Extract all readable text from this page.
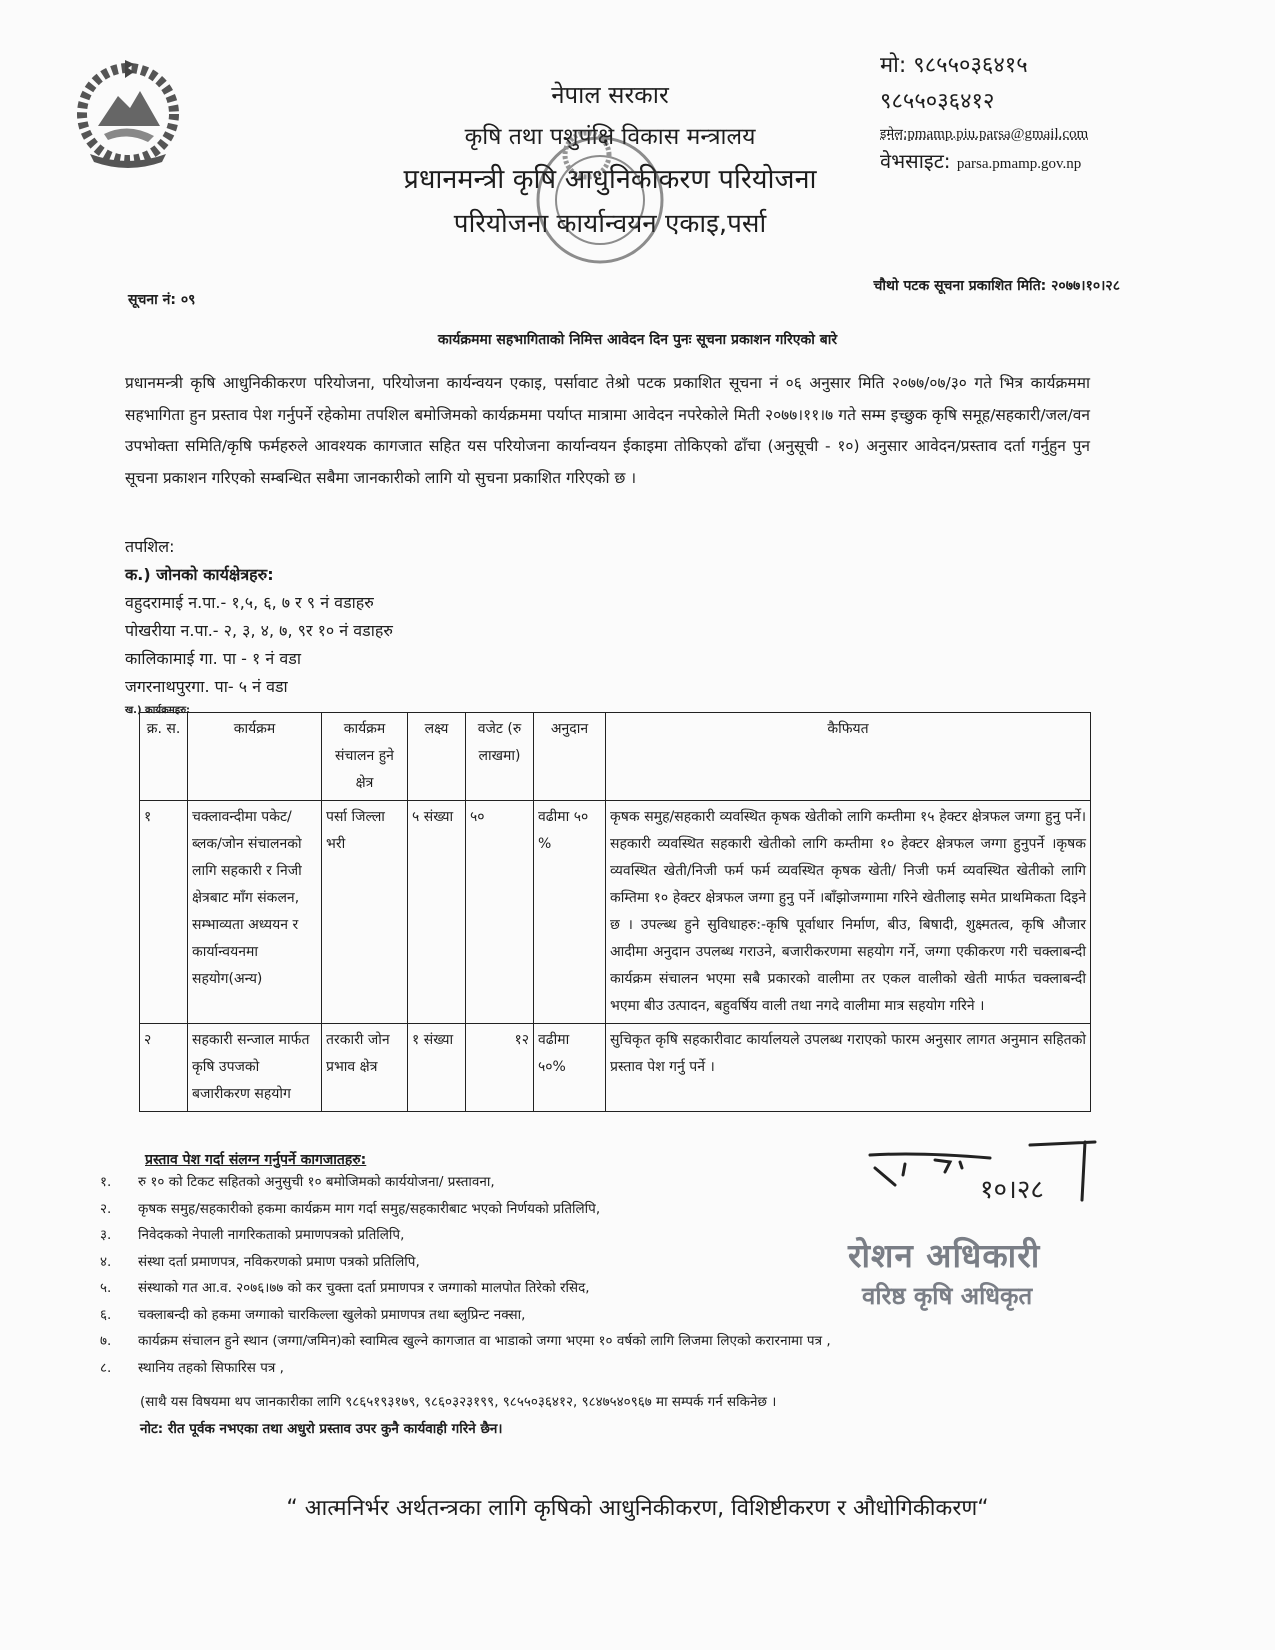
नेपाल सरकार
कृषि तथा पशुपंक्षि विकास मन्त्रालय
प्रधानमन्त्री कृषि आधुनिकीकरण परियोजना
परियोजना कार्यान्वयन एकाइ,पर्सा
मो: ९८५५०३६४१५
९८५५०३६४१२
इमेल:pmamp.piu.parsa@gmail.com
वेभसाइट: parsa.pmamp.gov.np
सूचना नं: ०९
चौथो पटक सूचना प्रकाशित मिति: २०७७।१०।२८
कार्यक्रममा सहभागिताको निमित्त आवेदन दिन पुनः सूचना प्रकाशन गरिएको बारे
प्रधानमन्त्री कृषि आधुनिकीकरण परियोजना, परियोजना कार्यन्वयन एकाइ, पर्सावाट तेश्रो पटक प्रकाशित सूचना नं ०६ अनुसार मिति २०७७/०७/३० गते भित्र कार्यक्रममा सहभागिता हुन प्रस्ताव पेश गर्नुपर्ने रहेकोमा तपशिल बमोजिमको कार्यक्रममा पर्याप्त मात्रामा आवेदन नपरेकोले मिती २०७७।११।७ गते सम्म इच्छुक कृषि समूह/सहकारी/जल/वन उपभोक्ता समिति/कृषि फर्महरुले आवश्यक कागजात सहित यस परियोजना कार्यान्वयन ईकाइमा तोकिएको ढाँचा (अनुसूची - १०) अनुसार आवेदन/प्रस्ताव दर्ता गर्नुहुन पुन सूचना प्रकाशन गरिएको सम्बन्धित सबैमा जानकारीको लागि यो सुचना प्रकाशित गरिएको छ ।
तपशिल:
क.) जोनको कार्यक्षेत्रहरु:
वहुदरामाई न.पा.- १,५, ६, ७ र ९ नं वडाहरु
पोखरीया न.पा.- २, ३, ४, ७, ९र १० नं वडाहरु
कालिकामाई गा. पा - १ नं वडा
जगरनाथपुरगा. पा- ५ नं वडा
ख.) कार्यक्रमहरु:
क्र. स.	कार्यक्रम	कार्यक्रम संचालन हुने क्षेत्र	लक्ष्य	वजेट (रु लाखमा)	अनुदान	कैफियत
१	चक्लावन्दीमा पकेट/ब्लक/जोन संचालनको लागि सहकारी र निजी क्षेत्रबाट माँग संकलन, सम्भाव्यता अध्ययन र कार्यान्वयनमा सहयोग(अन्य)	पर्सा जिल्ला भरी	५ संख्या	५०	वढीमा ५० %	कृषक समुह/सहकारी व्यवस्थित कृषक खेतीको लागि कम्तीमा १५ हेक्टर क्षेत्रफल जग्गा हुनु पर्ने। सहकारी व्यवस्थित सहकारी खेतीको लागि कम्तीमा १० हेक्टर क्षेत्रफल जग्गा हुनुपर्ने ।कृषक व्यवस्थित खेती/निजी फर्म फर्म व्यवस्थित कृषक खेती/ निजी फर्म व्यवस्थित खेतीको लागि कम्तिमा १० हेक्टर क्षेत्रफल जग्गा हुनु पर्ने ।बाँझोजग्गामा गरिने खेतीलाइ समेत प्राथमिकता दिइने छ । उपल्ब्ध हुने सुविधाहरु:-कृषि पूर्वाधार निर्माण, बीउ, बिषादी, शुक्ष्मतत्व, कृषि औजार आदीमा अनुदान उपलब्ध गराउने, बजारीकरणमा सहयोग गर्ने, जग्गा एकीकरण गरी चक्लाबन्दी कार्यक्रम संचालन भएमा सबै प्रकारको वालीमा तर एकल वालीको खेती मार्फत चक्लाबन्दी भएमा बीउ उत्पादन, बहुवर्षिय वाली तथा नगदे वालीमा मात्र सहयोग गरिने ।
२	सहकारी सन्जाल मार्फत कृषि उपजको बजारीकरण सहयोग	तरकारी जोन प्रभाव क्षेत्र	१ संख्या	१२	वढीमा ५०%	सुचिकृत कृषि सहकारीवाट कार्यालयले उपलब्ध गराएको फारम अनुसार लागत अनुमान सहितको प्रस्ताव पेश गर्नु पर्ने ।
प्रस्ताव पेश गर्दा संलग्न गर्नुपर्ने कागजातहरु:
१.	रु १० को टिकट सहितको अनुसुची १० बमोजिमको कार्ययोजना/ प्रस्तावना,
२.	कृषक समुह/सहकारीको हकमा कार्यक्रम माग गर्दा समुह/सहकारीबाट भएको निर्णयको प्रतिलिपि,
३.	निवेदकको नेपाली नागरिकताको प्रमाणपत्रको प्रतिलिपि,
४.	संस्था दर्ता प्रमाणपत्र, नविकरणको प्रमाण पत्रको प्रतिलिपि,
५.	संस्थाको गत आ.व. २०७६।७७ को कर चुक्ता दर्ता प्रमाणपत्र र जग्गाको मालपोत तिरेको रसिद,
६.	चक्लाबन्दी को हकमा जग्गाको चारकिल्ला खुलेको प्रमाणपत्र तथा ब्लुप्रिन्ट नक्सा,
७.	कार्यक्रम संचालन हुने स्थान (जग्गा/जमिन)को स्वामित्व खुल्ने कागजात वा भाडाको जग्गा भएमा १० वर्षको लागि लिजमा लिएको करारनामा पत्र ,
८.	स्थानिय तहको सिफारिस पत्र ,
(साथै यस विषयमा थप जानकारीका लागि ९८६५१९३१७९, ९८६०३२३१९९, ९८५५०३६४१२, ९८४७५४०९६७ मा सम्पर्क गर्न सकिनेछ ।
नोट: रीत पूर्वक नभएका तथा अधुरो प्रस्ताव उपर कुनै कार्यवाही गरिने छैन।
१०।२८
रोशन अधिकारी
वरिष्ठ कृषि अधिकृत
“ आत्मनिर्भर अर्थतन्त्रका लागि कृषिको आधुनिकीकरण, विशिष्टीकरण र औधोगिकीकरण“
